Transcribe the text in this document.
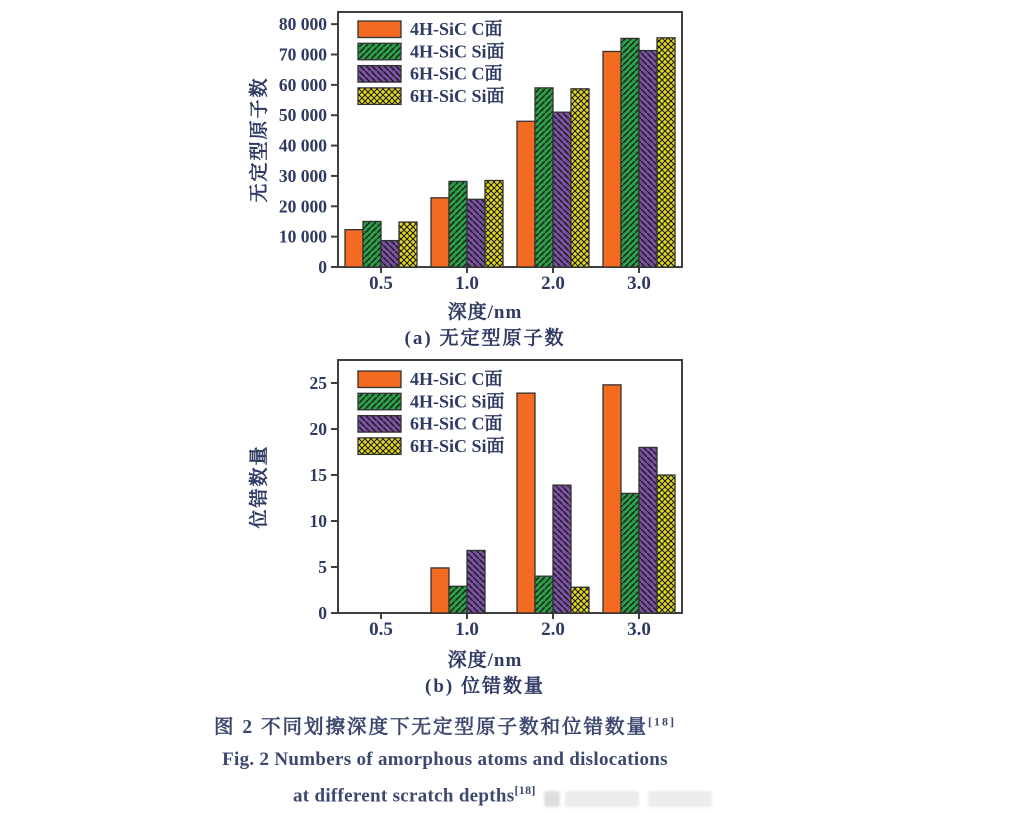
0
10 000
20 000
30 000
40 000
50 000
60 000
70 000
80 000
0.5	1.0	2.0	3.0
4H-SiC C面
4H-SiC Si面
6H-SiC C面
6H-SiC Si面
无定型原子数
深度/nm
(a) 无定型原子数
0
5
10
15
20
25
0.5	1.0	2.0	3.0
4H-SiC C面
4H-SiC Si面
6H-SiC C面
6H-SiC Si面
位错数量
深度/nm
(b) 位错数量
图 2 不同划擦深度下无定型原子数和位错数量[18]
Fig. 2 Numbers of amorphous atoms and dislocations
at different scratch depths[18]
